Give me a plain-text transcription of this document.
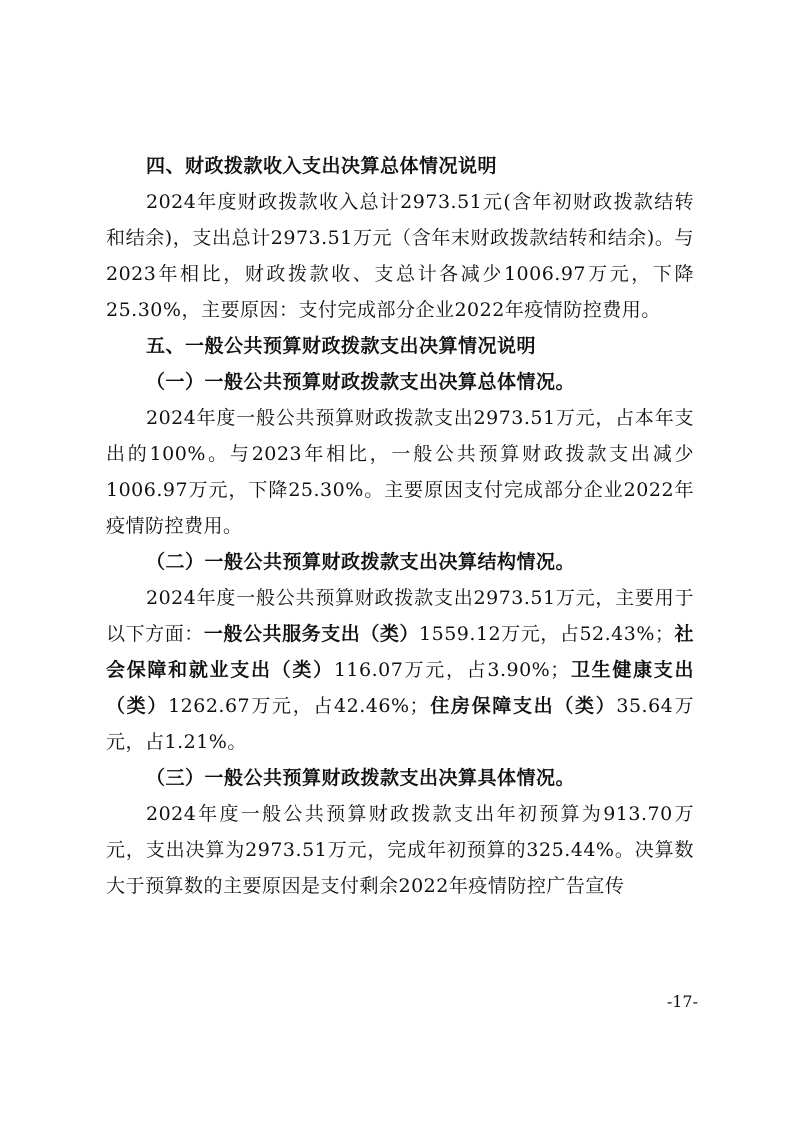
四、财政拨款收入支出决算总体情况说明

2024年度财政拨款收入总计2973.51元(含年初财政拨款结转和结余)，支出总计2973.51万元（含年末财政拨款结转和结余)。与2023年相比，财政拨款收、支总计各减少1006.97万元，下降25.30%，主要原因：支付完成部分企业2022年疫情防控费用。

五、一般公共预算财政拨款支出决算情况说明

（一）一般公共预算财政拨款支出决算总体情况。

2024年度一般公共预算财政拨款支出2973.51万元，占本年支出的100%。与2023年相比，一般公共预算财政拨款支出减少1006.97万元，下降25.30%。主要原因支付完成部分企业2022年疫情防控费用。

（二）一般公共预算财政拨款支出决算结构情况。

2024年度一般公共预算财政拨款支出2973.51万元，主要用于以下方面：一般公共服务支出（类）1559.12万元，占52.43%；社会保障和就业支出（类）116.07万元，占3.90%；卫生健康支出（类）1262.67万元，占42.46%；住房保障支出（类）35.64万元，占1.21%。

（三）一般公共预算财政拨款支出决算具体情况。

2024年度一般公共预算财政拨款支出年初预算为913.70万元，支出决算为2973.51万元，完成年初预算的325.44%。决算数大于预算数的主要原因是支付剩余2022年疫情防控广告宣传

-17-
